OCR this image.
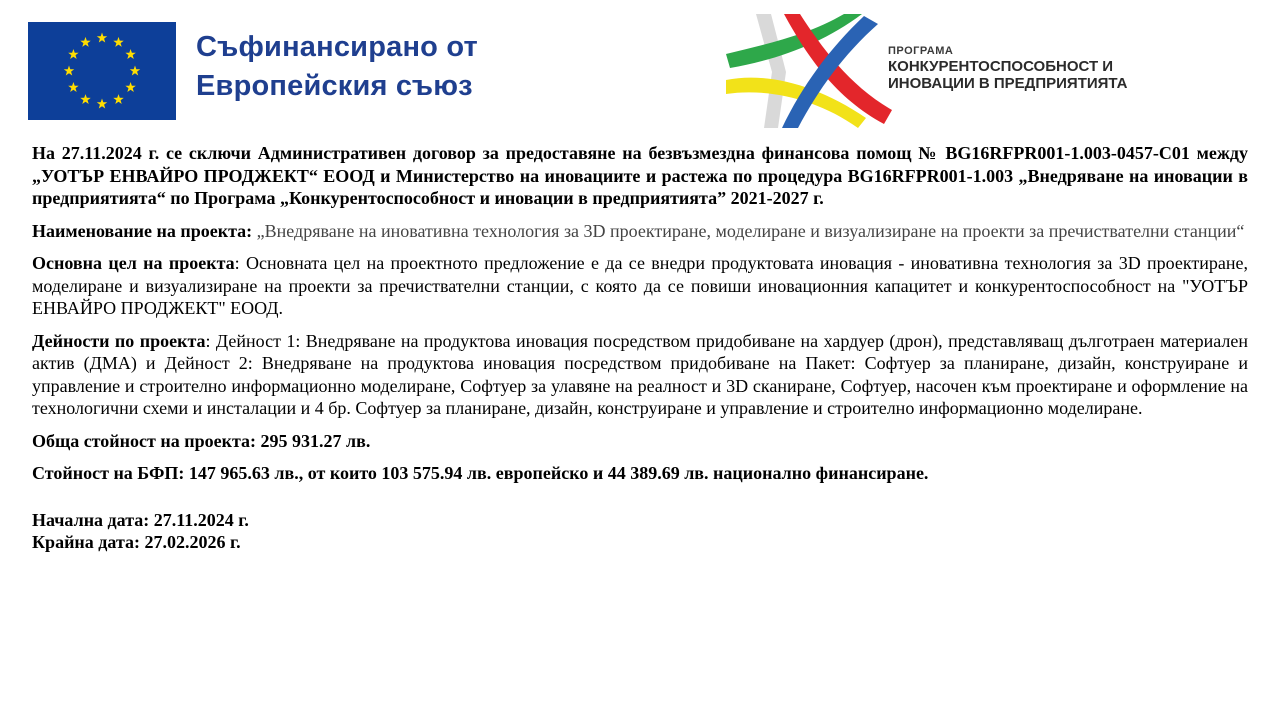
Съфинансирано от
Европейския съюз
ПРОГРАМА
КОНКУРЕНТОСПОСОБНОСТ И
ИНОВАЦИИ В ПРЕДПРИЯТИЯТА

На 27.11.2024 г. се сключи Административен договор за предоставяне на безвъзмездна финансова помощ № BG16RFPR001-1.003-0457-С01 между „УОТЪР ЕНВАЙРО ПРОДЖЕКТ“ ЕООД и Министерство на иновациите и растежа по процедура BG16RFPR001-1.003 „Внедряване на иновации в предприятията“ по Програма „Конкурентоспособност и иновации в предприятията” 2021-2027 г.

Наименование на проекта: „Внедряване на иновативна технология за 3D проектиране, моделиране и визуализиране на проекти за пречиствателни станции“

Основна цел на проекта: Основната цел на проектното предложение е да се внедри продуктовата иновация - иновативна технология за 3D проектиране, моделиране и визуализиране на проекти за пречиствателни станции, с която да се повиши иновационния капацитет и конкурентоспособност на "УОТЪР ЕНВАЙРО ПРОДЖЕКТ" ЕООД.

Дейности по проекта: Дейност 1: Внедряване на продуктова иновация посредством придобиване на хардуер (дрон), представляващ дълготраен материален актив (ДМА) и Дейност 2: Внедряване на продуктова иновация посредством придобиване на Пакет: Софтуер за планиране, дизайн, конструиране и управление и строително информационно моделиране, Софтуер за улавяне на реалност и 3D сканиране, Софтуер, насочен към проектиране и оформление на технологични схеми и инсталации и 4 бр. Софтуер за планиране, дизайн, конструиране и управление и строително информационно моделиране.

Обща стойност на проекта: 295 931.27 лв.

Стойност на БФП: 147 965.63 лв., от които 103 575.94 лв. европейско и 44 389.69 лв. национално финансиране.

Начална дата: 27.11.2024 г.
Крайна дата: 27.02.2026 г.
